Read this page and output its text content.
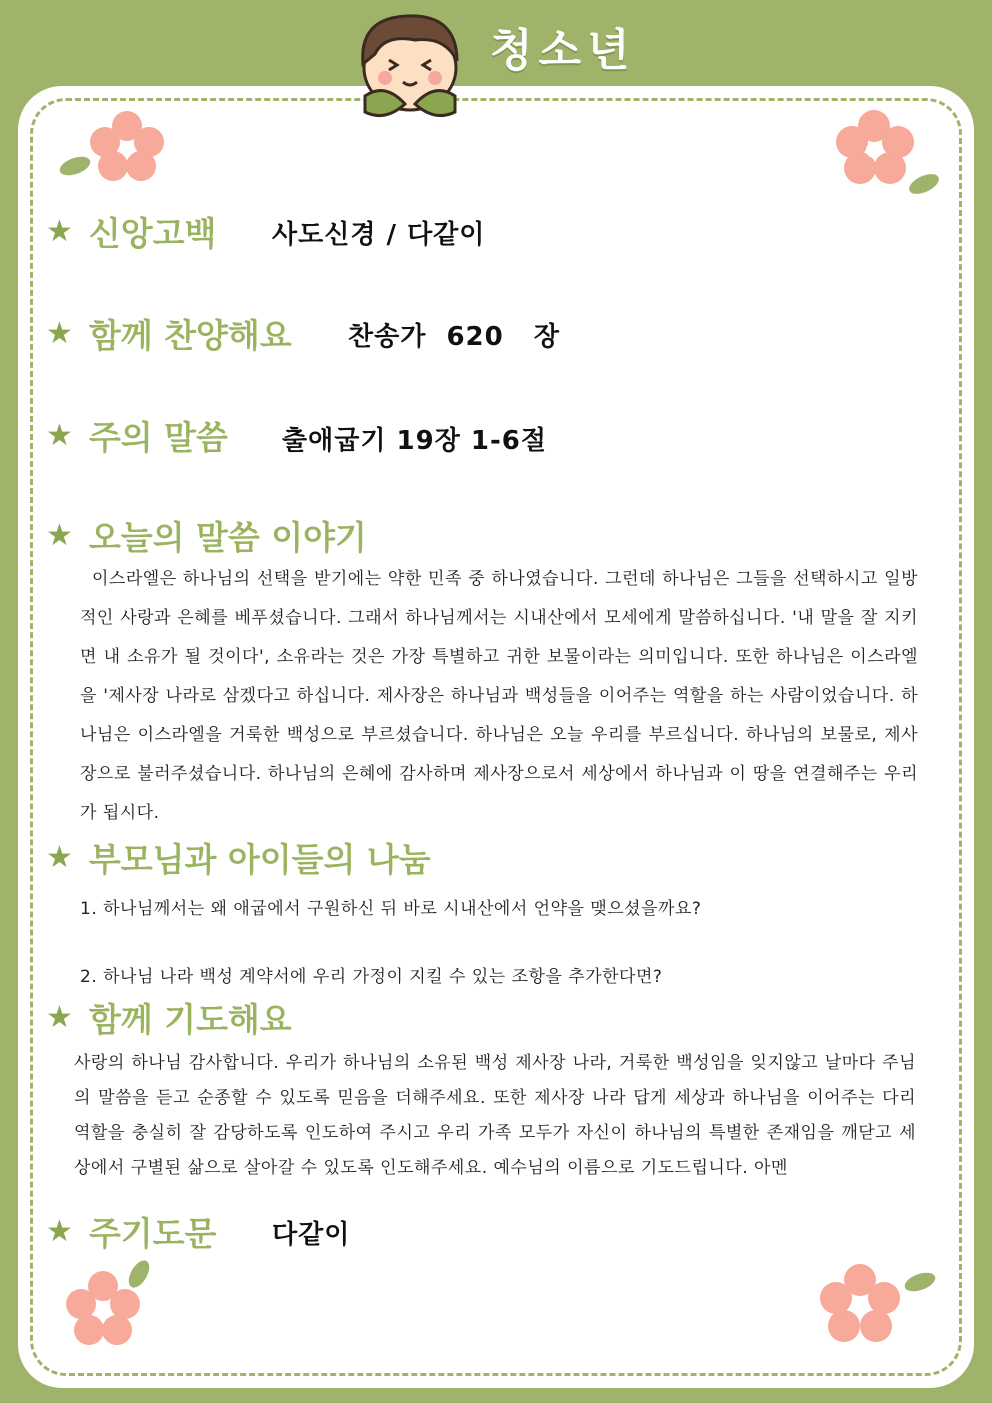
청소년
★ 신앙고백 사도신경 / 다같이
★ 함께 찬양해요 찬송가  620   장
★ 주의 말씀 출애굽기 19장 1-6절
★ 오늘의 말씀 이야기
이스라엘은 하나님의 선택을 받기에는 약한 민족 중 하나였습니다. 그런데 하나님은 그들을 선택하시고 일방적인 사랑과 은혜를 베푸셨습니다. 그래서 하나님께서는 시내산에서 모세에게 말씀하십니다. '내 말을 잘 지키면 내 소유가 될 것이다', 소유라는 것은 가장 특별하고 귀한 보물이라는 의미입니다. 또한 하나님은 이스라엘을 '제사장 나라로 삼겠다고 하십니다. 제사장은 하나님과 백성들을 이어주는 역할을 하는 사람이었습니다. 하나님은 이스라엘을 거룩한 백성으로 부르셨습니다. 하나님은 오늘 우리를 부르십니다. 하나님의 보물로, 제사장으로 불러주셨습니다. 하나님의 은혜에 감사하며 제사장으로서 세상에서 하나님과 이 땅을 연결해주는 우리가 됩시다.
★ 부모님과 아이들의 나눔
1. 하나님께서는 왜 애굽에서 구원하신 뒤 바로 시내산에서 언약을 맺으셨을까요?
2. 하나님 나라 백성 계약서에 우리 가정이 지킬 수 있는 조항을 추가한다면?
★ 함께 기도해요
사랑의 하나님 감사합니다. 우리가 하나님의 소유된 백성 제사장 나라, 거룩한 백성임을 잊지않고 날마다 주님의 말씀을 듣고 순종할 수 있도록 믿음을 더해주세요. 또한 제사장 나라 답게 세상과 하나님을 이어주는 다리 역할을 충실히 잘 감당하도록 인도하여 주시고 우리 가족 모두가 자신이 하나님의 특별한 존재임을 깨닫고 세상에서 구별된 삶으로 살아갈 수 있도록 인도해주세요. 예수님의 이름으로 기도드립니다. 아멘
★ 주기도문 다같이
